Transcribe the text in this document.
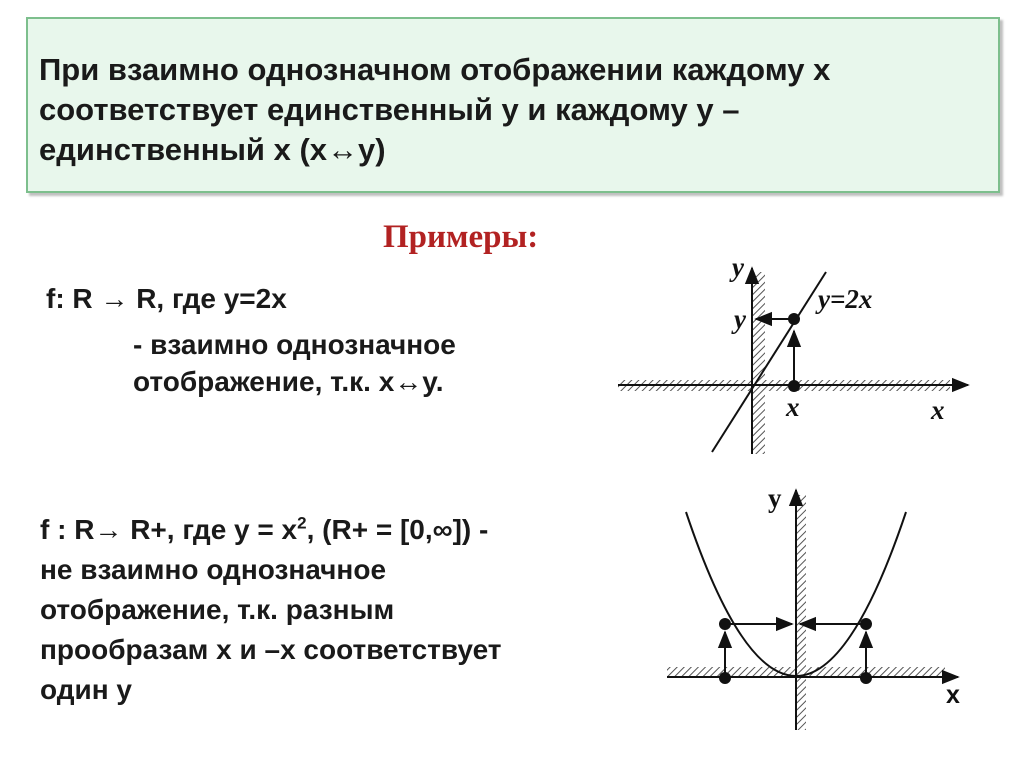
При взаимно однозначном отображении каждому x
соответствует единственный y и каждому y –
единственный x (x↔y)
Примеры:
f: R → R, где y=2x
- взаимно однозначное
отображение, т.к. x↔y.
f : R→ R+, где $y = x^2$, (R+ = [0,∞]) -
не взаимно однозначное
отображение, т.к. разным
прообразам x и –x соответствует
один y
y
x
y=2x
y
x
y
x
